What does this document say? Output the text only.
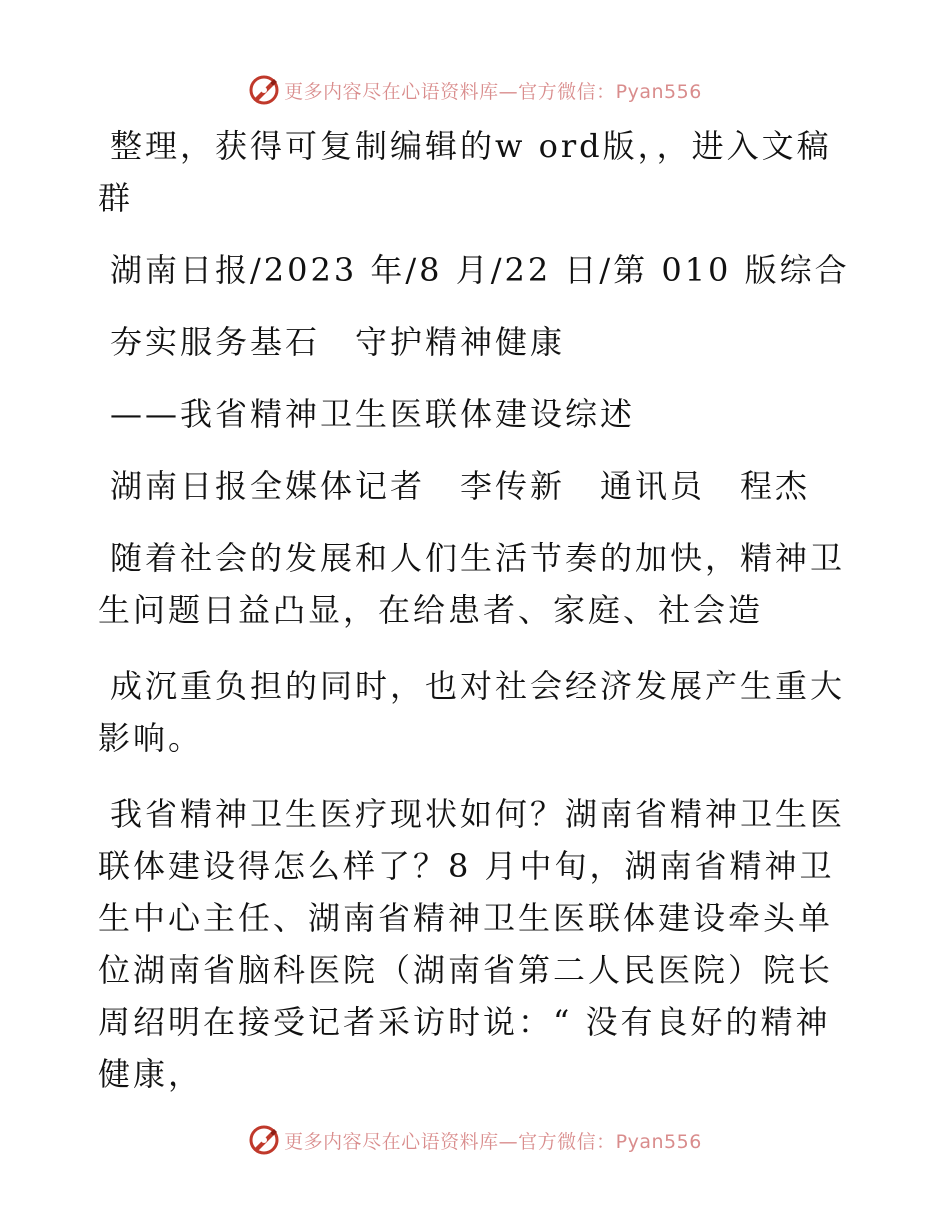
更多内容尽在心语资料库—官方微信：Pyan556

整理，获得可复制编辑的w ord版，，进入文稿群

湖南日报/2023 年/8 月/22 日/第 010 版综合

夯实服务基石　守护精神健康

——我省精神卫生医联体建设综述

湖南日报全媒体记者　李传新　通讯员　程杰

随着社会的发展和人们生活节奏的加快，精神卫生问题日益凸显，在给患者、家庭、社会造

成沉重负担的同时，也对社会经济发展产生重大影响。

我省精神卫生医疗现状如何？湖南省精神卫生医联体建设得怎么样了？8 月中旬，湖南省精神卫生中心主任、湖南省精神卫生医联体建设牵头单位湖南省脑科医院（湖南省第二人民医院）院长周绍明在接受记者采访时说：“ 没有良好的精神健康，

更多内容尽在心语资料库—官方微信：Pyan556
